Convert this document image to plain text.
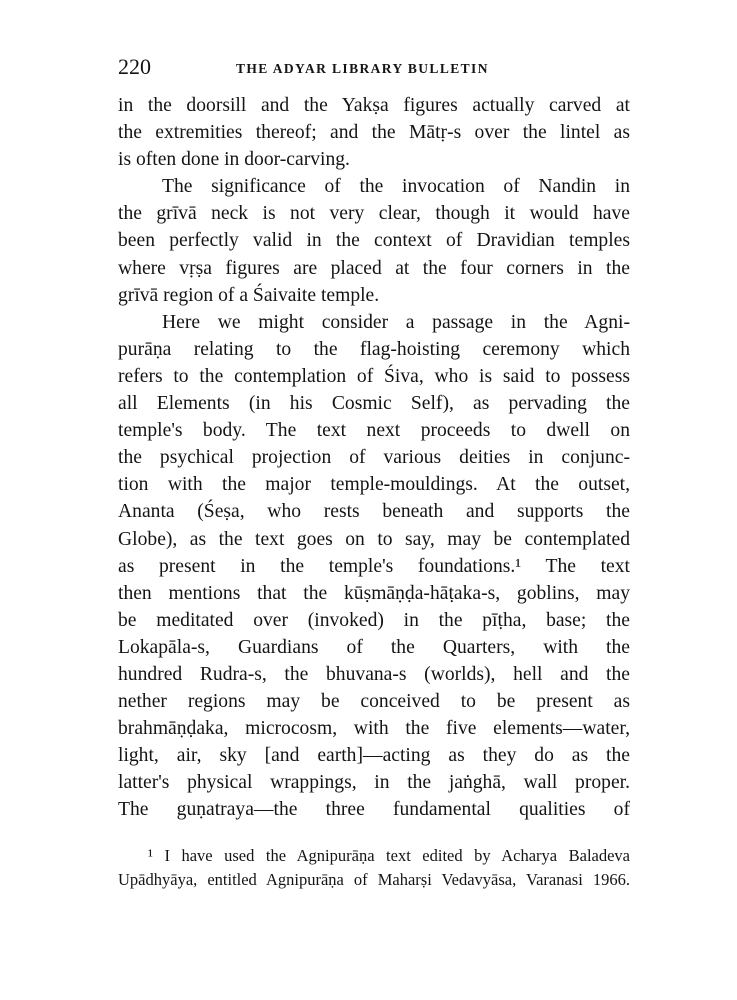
220	THE ADYAR LIBRARY BULLETIN
in the doorsill and the Yakṣa figures actually carved at
the extremities thereof; and the Mātṛ-s over the lintel as
is often done in door-carving.
The significance of the invocation of Nandin in
the grīvā neck is not very clear, though it would have
been perfectly valid in the context of Dravidian temples
where vṛṣa figures are placed at the four corners in the
grīvā region of a Śaivaite temple.
Here we might consider a passage in the Agni-
purāṇa relating to the flag-hoisting ceremony which
refers to the contemplation of Śiva, who is said to possess
all Elements (in his Cosmic Self), as pervading the
temple's body. The text next proceeds to dwell on
the psychical projection of various deities in conjunc-
tion with the major temple-mouldings. At the outset,
Ananta (Śeṣa, who rests beneath and supports the
Globe), as the text goes on to say, may be contemplated
as present in the temple's foundations.¹ The text
then mentions that the kūṣmāṇḍa-hāṭaka-s, goblins, may
be meditated over (invoked) in the pīṭha, base; the
Lokapāla-s, Guardians of the Quarters, with the
hundred Rudra-s, the bhuvana-s (worlds), hell and the
nether regions may be conceived to be present as
brahmāṇḍaka, microcosm, with the five elements—water,
light, air, sky [and earth]—acting as they do as the
latter's physical wrappings, in the jaṅghā, wall proper.
The guṇatraya—the three fundamental qualities of
¹ I have used the Agnipurāṇa text edited by Acharya Baladeva
Upādhyāya, entitled Agnipurāṇa of Maharṣi Vedavyāsa, Varanasi 1966.
